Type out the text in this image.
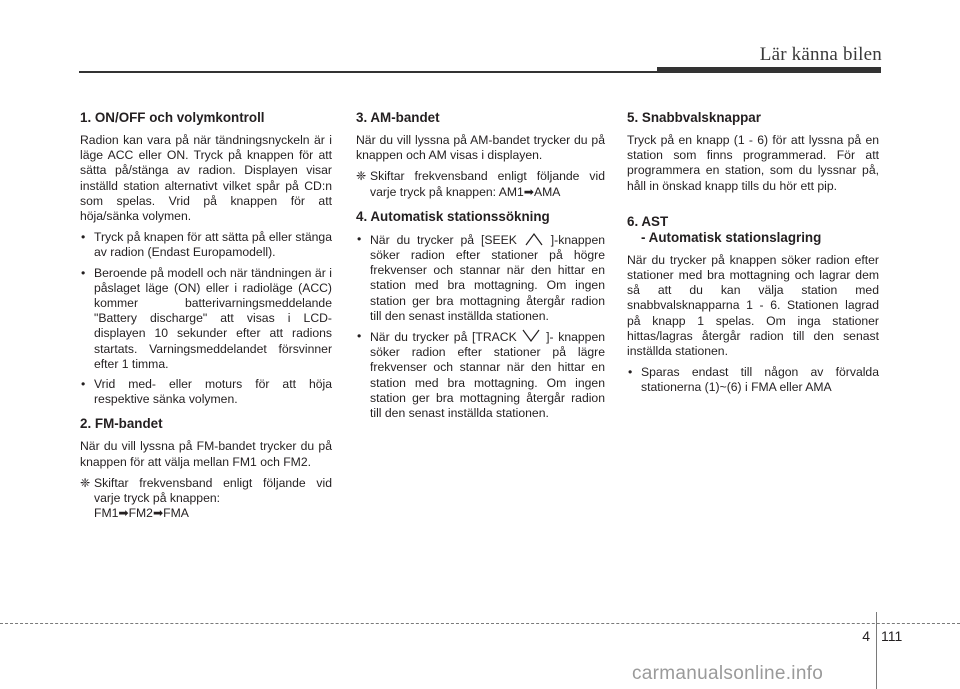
Lär känna bilen
1. ON/OFF och volymkontroll

Radion kan vara på när tändningsnyckeln är i läge ACC eller ON. Tryck på knappen för att sätta på/stänga av radion. Displayen visar inställd station alternativt vilket spår på CD:n som spelas. Vrid på knappen för att höja/sänka volymen.

• Tryck på knapen för att sätta på eller stänga av radion (Endast Europamodell).
• Beroende på modell och när tändningen är i påslaget läge (ON) eller i radioläge (ACC) kommer batterivarningsmeddelande "Battery discharge" att visas i LCD-displayen 10 sekunder efter att radions startats. Varningsmeddelandet försvinner efter 1 timma.
• Vrid med- eller moturs för att höja respektive sänka volymen.
2. FM-bandet

När du vill lyssna på FM-bandet trycker du på knappen för att välja mellan FM1 och FM2.

❈ Skiftar frekvensband enligt följande vid varje tryck på knappen:
FM1➡FM2➡FMA
3. AM-bandet

När du vill lyssna på AM-bandet trycker du på knappen och AM visas i displayen.

❈ Skiftar frekvensband enligt följande vid varje tryck på knappen: AM1➡AMA
4. Automatisk stationssökning
• När du trycker på [SEEK	]-knappen söker radion efter stationer på högre frekvenser och stannar när den hittar en station med bra mottagning. Om ingen station ger bra mottagning återgår radion till den senast inställda stationen.
• När du trycker på [TRACK ]- knappen söker radion efter stationer på lägre frekvenser och stannar när den hittar en station med bra mottagning. Om ingen station ger bra mottagning återgår radion till den senast inställda stationen.
5. Snabbvalsknappar

Tryck på en knapp (1 - 6) för att lyssna på en station som finns programmerad. För att programmera en station, som du lyssnar på, håll in önskad knapp tills du hör ett pip.

6. AST
- Automatisk stationslagring

När du trycker på knappen söker radion efter stationer med bra mottagning och lagrar dem så att du kan välja station med snabbvalsknapparna 1 - 6. Stationen lagrad på knapp 1 spelas. Om inga stationer hittas/lagras återgår radion till den senast inställda stationen.

• Sparas endast till någon av förvalda stationerna (1)~(6) i FMA eller AMA
4 111
carmanualsonline.info
